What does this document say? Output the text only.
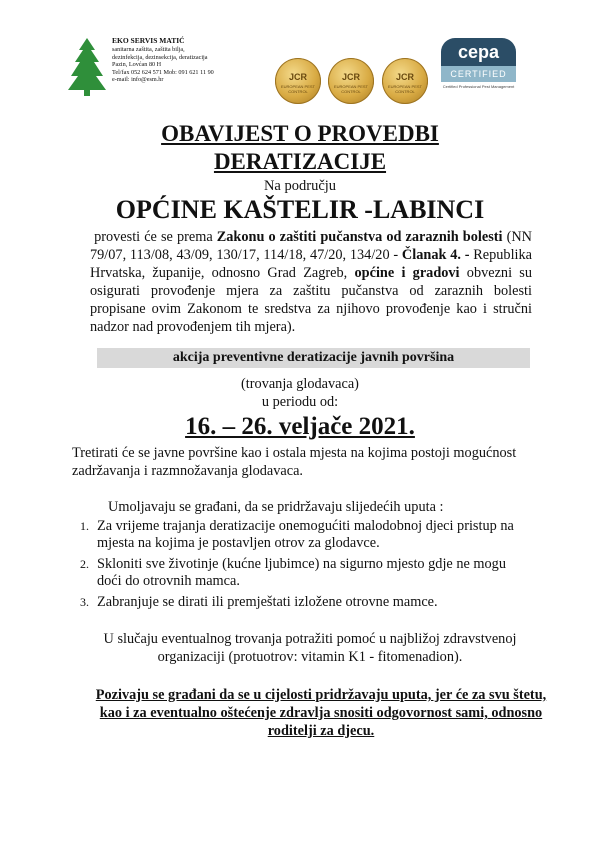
EKO SERVIS MATIĆ
sanitarna zaštita, zaštita bilja,
dezinfekcija, dezinsekcija, deratizacija
Pazin, Lovćan 80 H
Tel/fax 052 624 571 Mob: 091 621 11 90
e-mail: info@esm.hr	JCR
EUROPEAN PEST CONTROL
JCR
EUROPEAN PEST CONTROL
JCR
EUROPEAN PEST CONTROL
cepa
CERTIFIED
Certified Professional Pest Management
OBAVIJEST O PROVEDBI
DERATIZACIJE
Na području
OPĆINE KAŠTELIR -LABINCI
provesti će se prema Zakonu o zaštiti pučanstva od zaraznih bolesti (NN 79/07, 113/08, 43/09, 130/17, 114/18, 47/20, 134/20 - Članak 4. - Republika Hrvatska, županije, odnosno Grad Zagreb, općine i gradovi obvezni su osigurati provođenje mjera za zaštitu pučanstva od zaraznih bolesti propisane ovim Zakonom te sredstva za njihovo provođenje kao i stručni nadzor nad provođenjem tih mjera).
akcija preventivne deratizacije javnih površina
(trovanja glodavaca)
u periodu od:
16. – 26. veljače 2021.
Tretirati će se javne površine kao i ostala mjesta na kojima postoji mogućnost zadržavanja i razmnožavanja glodavaca.
Umoljavaju se građani, da se pridržavaju slijedećih uputa :
1. Za vrijeme trajanja deratizacije onemogućiti malodobnoj djeci pristup na mjesta na kojima je postavljen otrov za glodavce.
2. Skloniti sve životinje (kućne ljubimce) na sigurno mjesto gdje ne mogu doći do otrovnih mamca.
3. Zabranjuje se dirati ili premještati izložene otrovne mamce.
U slučaju eventualnog trovanja potražiti pomoć u najbližoj zdravstvenoj organizaciji (protuotrov: vitamin K1 - fitomenadion).
Pozivaju se građani da se u cijelosti pridržavaju uputa, jer će za svu štetu, kao i za eventualno oštećenje zdravlja snositi odgovornost sami, odnosno roditelji za djecu.
